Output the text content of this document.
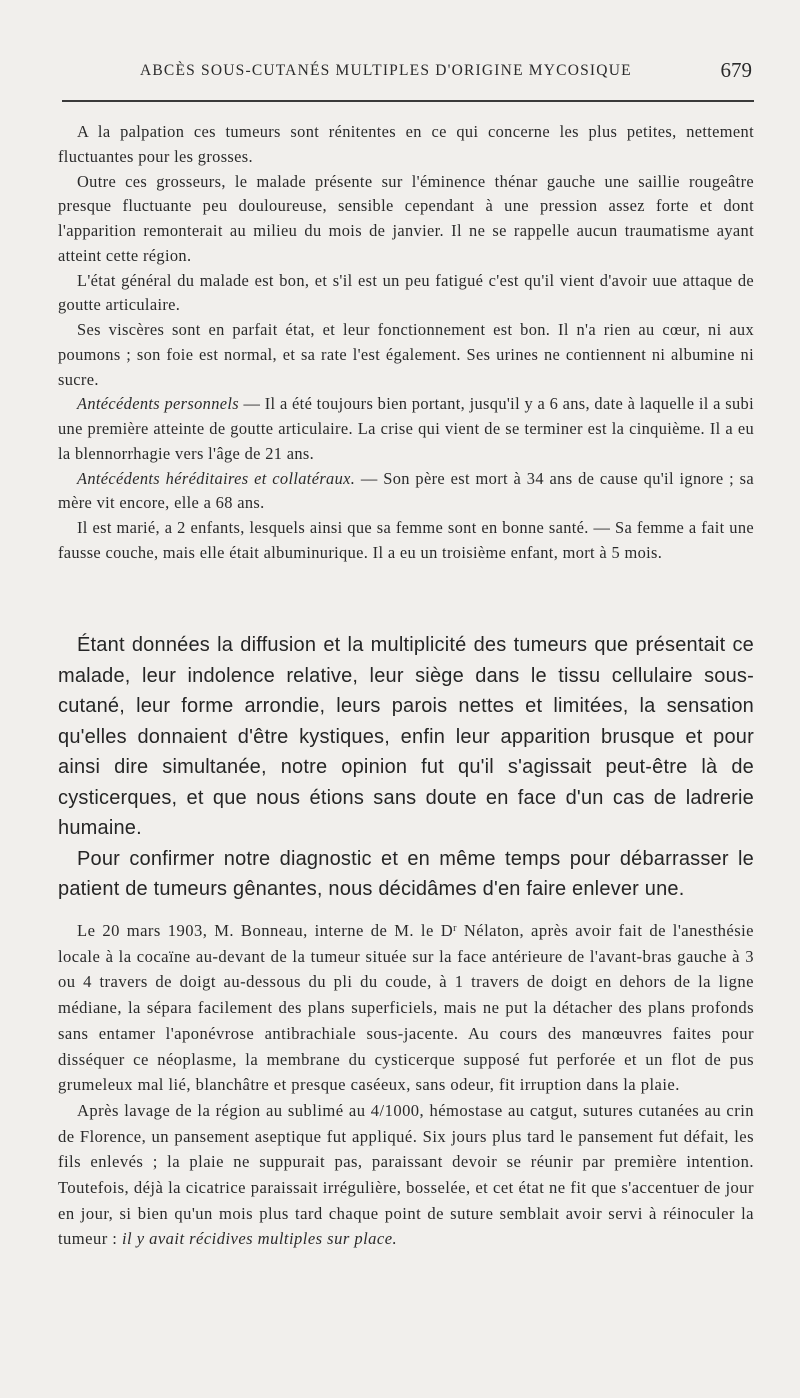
ABCÈS SOUS-CUTANÉS MULTIPLES D'ORIGINE MYCOSIQUE	679

A la palpation ces tumeurs sont rénitentes en ce qui concerne les plus petites, nettement fluctuantes pour les grosses.

Outre ces grosseurs, le malade présente sur l'éminence thénar gauche une saillie rougeâtre presque fluctuante peu douloureuse, sensible cependant à une pression assez forte et dont l'apparition remonterait au milieu du mois de janvier. Il ne se rappelle aucun traumatisme ayant atteint cette région.

L'état général du malade est bon, et s'il est un peu fatigué c'est qu'il vient d'avoir uue attaque de goutte articulaire.

Ses viscères sont en parfait état, et leur fonctionnement est bon. Il n'a rien au cœur, ni aux poumons ; son foie est normal, et sa rate l'est également. Ses urines ne contiennent ni albumine ni sucre.

Antécédents personnels — Il a été toujours bien portant, jusqu'il y a 6 ans, date à laquelle il a subi une première atteinte de goutte articulaire. La crise qui vient de se terminer est la cinquième. Il a eu la blennorrhagie vers l'âge de 21 ans.

Antécédents héréditaires et collatéraux. — Son père est mort à 34 ans de cause qu'il ignore ; sa mère vit encore, elle a 68 ans.

Il est marié, a 2 enfants, lesquels ainsi que sa femme sont en bonne santé. — Sa femme a fait une fausse couche, mais elle était albuminurique. Il a eu un troisième enfant, mort à 5 mois.

Étant données la diffusion et la multiplicité des tumeurs que présentait ce malade, leur indolence relative, leur siège dans le tissu cellulaire sous-cutané, leur forme arrondie, leurs parois nettes et limitées, la sensation qu'elles donnaient d'être kystiques, enfin leur apparition brusque et pour ainsi dire simultanée, notre opinion fut qu'il s'agissait peut-être là de cysticerques, et que nous étions sans doute en face d'un cas de ladrerie humaine.

Pour confirmer notre diagnostic et en même temps pour débarrasser le patient de tumeurs gênantes, nous décidâmes d'en faire enlever une.

Le 20 mars 1903, M. Bonneau, interne de M. le $D^r$ Nélaton, après avoir fait de l'anesthésie locale à la cocaïne au-devant de la tumeur située sur la face antérieure de l'avant-bras gauche à 3 ou 4 travers de doigt au-dessous du pli du coude, à 1 travers de doigt en dehors de la ligne médiane, la sépara facilement des plans superficiels, mais ne put la détacher des plans profonds sans entamer l'aponévrose antibrachiale sous-jacente. Au cours des manœuvres faites pour disséquer ce néoplasme, la membrane du cysticerque supposé fut perforée et un flot de pus grumeleux mal lié, blanchâtre et presque caséeux, sans odeur, fit irruption dans la plaie.

Après lavage de la région au sublimé au 4/1000, hémostase au catgut, sutures cutanées au crin de Florence, un pansement aseptique fut appliqué. Six jours plus tard le pansement fut défait, les fils enlevés ; la plaie ne suppurait pas, paraissant devoir se réunir par première intention. Toutefois, déjà la cicatrice paraissait irrégulière, bosselée, et cet état ne fit que s'accentuer de jour en jour, si bien qu'un mois plus tard chaque point de suture semblait avoir servi à réinoculer la tumeur : il y avait récidives multiples sur place.
